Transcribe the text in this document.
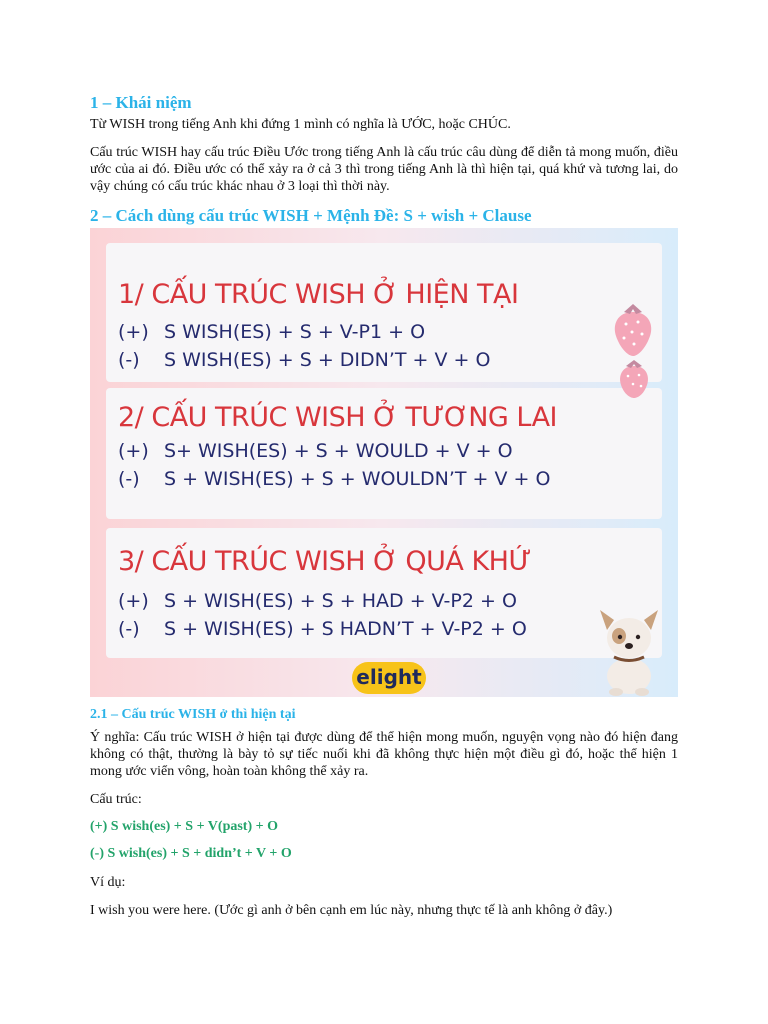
1 – Khái niệm

Từ WISH trong tiếng Anh khi đứng 1 mình có nghĩa là ƯỚC, hoặc CHÚC.

Cấu trúc WISH hay cấu trúc Điều Ước trong tiếng Anh là cấu trúc câu dùng để diễn tả mong muốn, điều ước của ai đó. Điều ước có thể xảy ra ở cả 3 thì trong tiếng Anh là thì hiện tại, quá khứ và tương lai, do vậy chúng có cấu trúc khác nhau ở 3 loại thì thời này.

2 – Cách dùng cấu trúc WISH + Mệnh Đề: S + wish + Clause
2.1 – Cấu trúc WISH ở thì hiện tại

Ý nghĩa: Cấu trúc WISH ở hiện tại được dùng để thể hiện mong muốn, nguyện vọng nào đó hiện đang không có thật, thường là bày tỏ sự tiếc nuối khi đã không thực hiện một điều gì đó, hoặc thể hiện 1 mong ước viển vông, hoàn toàn không thể xảy ra.

Cấu trúc:

(+) S wish(es) + S + V(past) + O

(-) S wish(es) + S + didn’t + V + O

Ví dụ:

I wish you were here. (Ước gì anh ở bên cạnh em lúc này, nhưng thực tế là anh không ở đây.)

1/ CẤU TRÚC WISH Ở HIỆN TẠI
(+) S WISH(ES) + S + V-P1 + O
(-) S WISH(ES) + S + DIDN’T + V + O
2/ CẤU TRÚC WISH Ở TƯƠNG LAI
(+) S+ WISH(ES) + S + WOULD + V + O
(-) S + WISH(ES) + S + WOULDN’T + V + O
3/ CẤU TRÚC WISH Ở QUÁ KHỨ
(+) S + WISH(ES) + S + HAD + V-P2 + O
(-) S + WISH(ES) + S HADN’T + V-P2 + O
elight
